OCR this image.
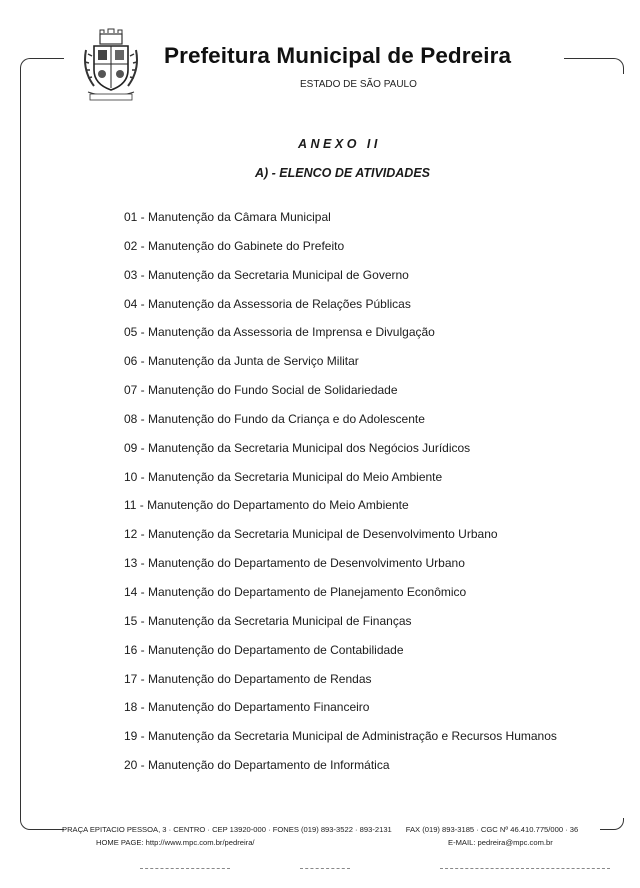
Prefeitura Municipal de Pedreira
ESTADO DE SÃO PAULO
ANEXO II
A) - ELENCO DE ATIVIDADES
01 - Manutenção da Câmara Municipal
02 - Manutenção do Gabinete do Prefeito
03 - Manutenção da Secretaria Municipal de Governo
04 - Manutenção da Assessoria de Relações Públicas
05 - Manutenção da Assessoria de Imprensa e Divulgação
06 - Manutenção da Junta de Serviço Militar
07 - Manutenção do Fundo Social de Solidariedade
08 - Manutenção do Fundo da Criança e do Adolescente
09 - Manutenção da Secretaria Municipal dos Negócios Jurídicos
10 - Manutenção da Secretaria Municipal do Meio Ambiente
11 - Manutenção do Departamento do Meio Ambiente
12 - Manutenção da Secretaria Municipal de Desenvolvimento Urbano
13 - Manutenção do Departamento de Desenvolvimento Urbano
14 - Manutenção do Departamento de Planejamento Econômico
15 - Manutenção da Secretaria Municipal de Finanças
16 - Manutenção do Departamento de Contabilidade
17 - Manutenção do Departamento de Rendas
18 - Manutenção do Departamento Financeiro
19 - Manutenção da Secretaria Municipal de Administração e Recursos Humanos
20 - Manutenção do Departamento de Informática
PRAÇA EPITACIO PESSOA, 3 · CENTRO · CEP 13920-000 · FONES (019) 893-3522 · 893-2131 FAX (019) 893-3185 · CGC Nº 46.410.775/000 · 36
HOME PAGE: http://www.mpc.com.br/pedreira/	E-MAIL: pedreira@mpc.com.br
